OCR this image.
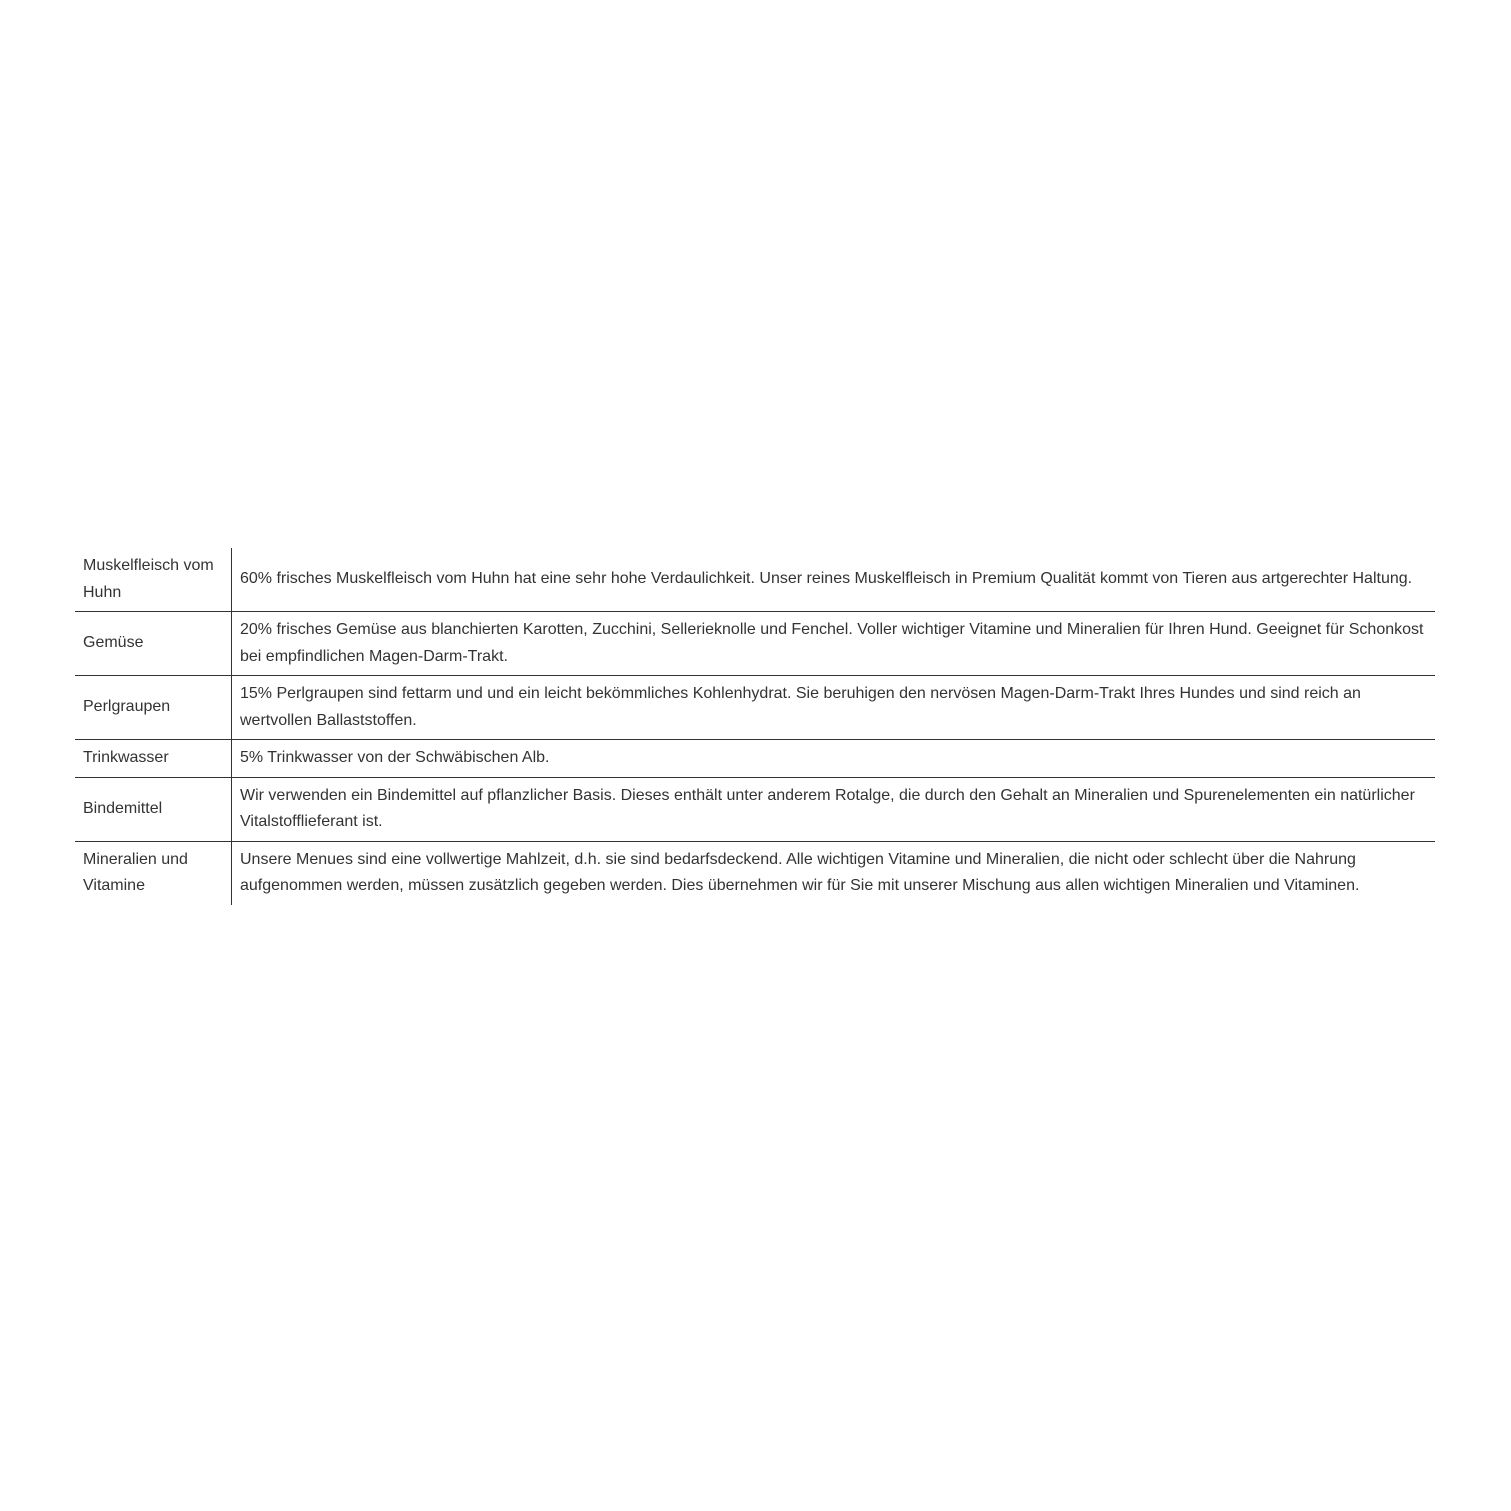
Muskelfleisch vom Huhn	60% frisches Muskelfleisch vom Huhn hat eine sehr hohe Verdaulichkeit. Unser reines Muskelfleisch in Premium Qualität kommt von Tieren aus artgerechter Haltung.
Gemüse	20% frisches Gemüse aus blanchierten Karotten, Zucchini, Sellerieknolle und Fenchel. Voller wichtiger Vitamine und Mineralien für Ihren Hund. Geeignet für Schonkost bei empfindlichen Magen-Darm-Trakt.
Perlgraupen	15% Perlgraupen sind fettarm und und ein leicht bekömmliches Kohlenhydrat. Sie beruhigen den nervösen Magen-Darm-Trakt Ihres Hundes und sind reich an wertvollen Ballaststoffen.
Trinkwasser	5% Trinkwasser von der Schwäbischen Alb.
Bindemittel	Wir verwenden ein Bindemittel auf pflanzlicher Basis. Dieses enthält unter anderem Rotalge, die durch den Gehalt an Mineralien und Spurenelementen ein natürlicher Vitalstofflieferant ist.
Mineralien und Vitamine	Unsere Menues sind eine vollwertige Mahlzeit, d.h. sie sind bedarfsdeckend. Alle wichtigen Vitamine und Mineralien, die nicht oder schlecht über die Nahrung aufgenommen werden, müssen zusätzlich gegeben werden. Dies übernehmen wir für Sie mit unserer Mischung aus allen wichtigen Mineralien und Vitaminen.
